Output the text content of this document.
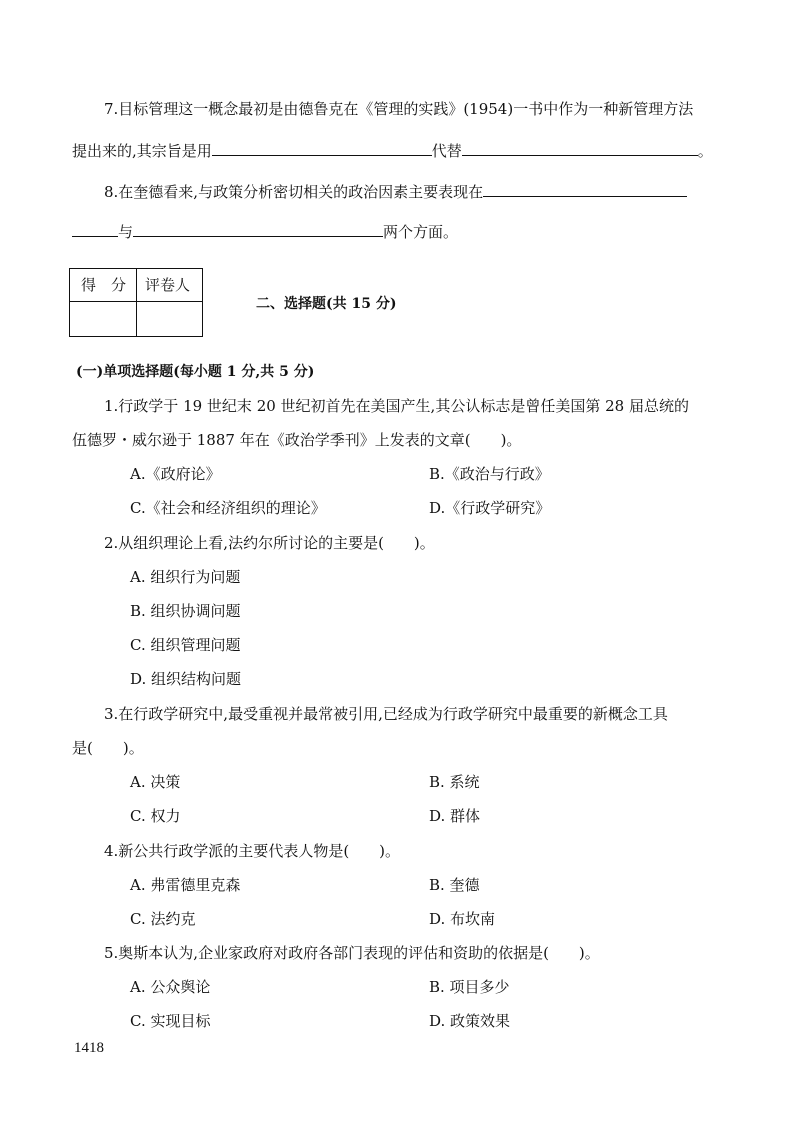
7.目标管理这一概念最初是由德鲁克在《管理的实践》(1954)一书中作为一种新管理方法
提出来的,其宗旨是用	代替	。
8.在奎德看来,与政策分析密切相关的政治因素主要表现在
与	两个方面。
得　分 评卷人
二、选择题(共 15 分)
(一)单项选择题(每小题 1 分,共 5 分)
1.行政学于 19 世纪末 20 世纪初首先在美国产生,其公认标志是曾任美国第 28 届总统的
伍德罗・威尔逊于 1887 年在《政治学季刊》上发表的文章(　　)。
A.《政府论》	B.《政治与行政》
C.《社会和经济组织的理论》	D.《行政学研究》
2.从组织理论上看,法约尔所讨论的主要是(　　)。
A. 组织行为问题
B. 组织协调问题
C. 组织管理问题
D. 组织结构问题
3.在行政学研究中,最受重视并最常被引用,已经成为行政学研究中最重要的新概念工具
是(　　)。
A. 决策	B. 系统
C. 权力	D. 群体
4.新公共行政学派的主要代表人物是(　　)。
A. 弗雷德里克森	B. 奎德
C. 法约克	D. 布坎南
5.奥斯本认为,企业家政府对政府各部门表现的评估和资助的依据是(　　)。
A. 公众舆论	B. 项目多少
C. 实现目标	D. 政策效果
1418
